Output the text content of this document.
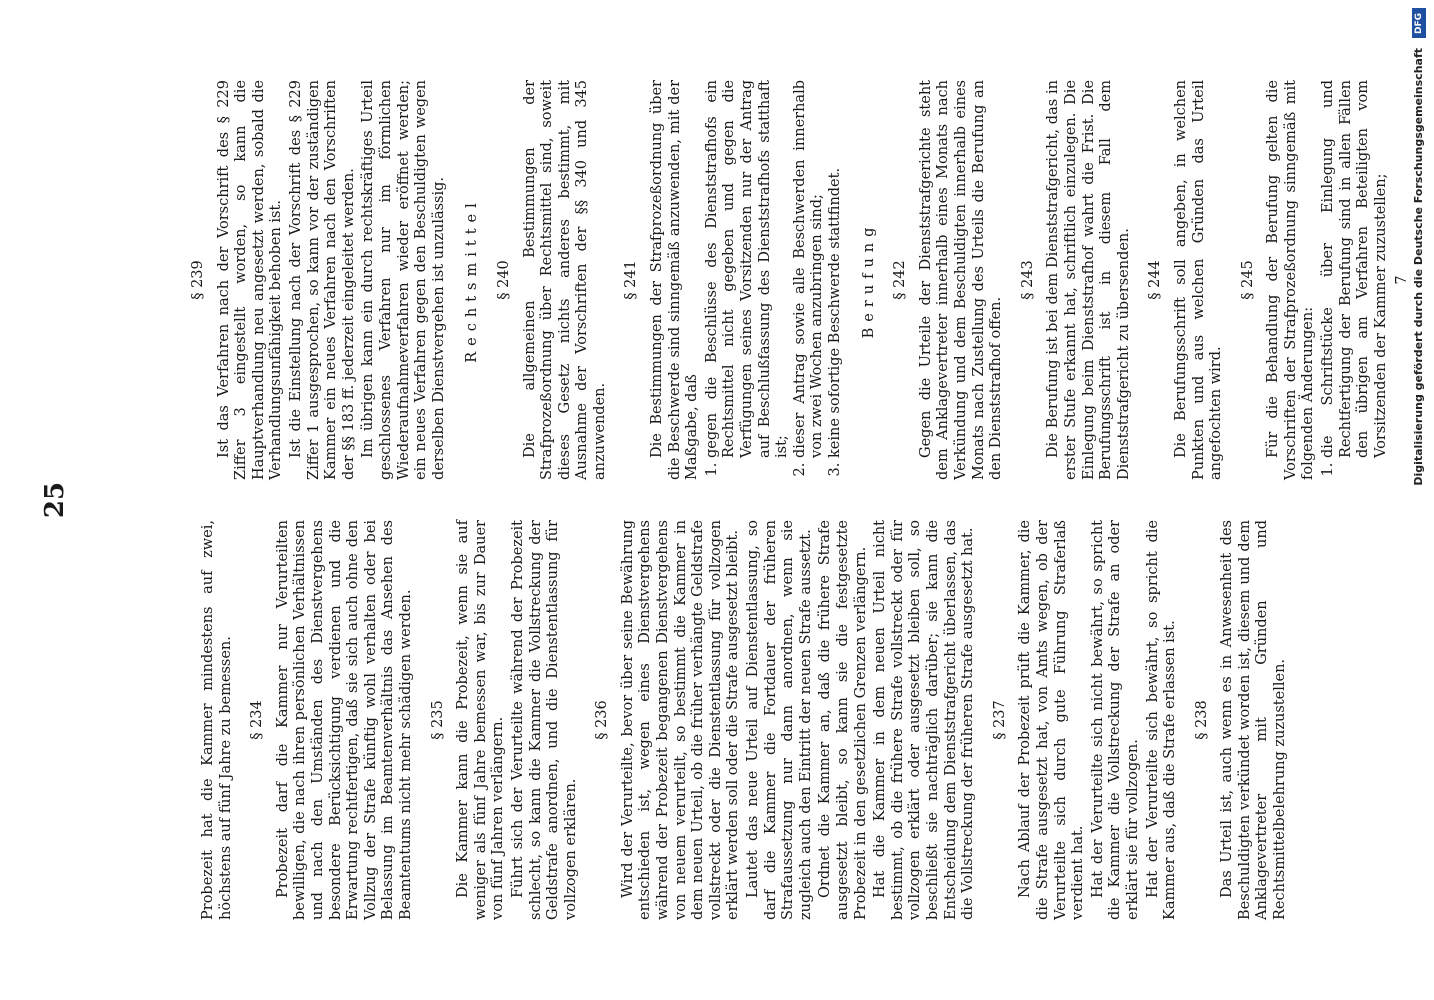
25

Probezeit hat die Kammer mindestens auf zwei, höchstens auf fünf Jahre zu bemessen. § 234 Probezeit darf die Kammer nur Verurteilten bewilligen, die nach ihren persönlichen Verhältnissen und nach den Umständen des Dienstvergehens besondere Berücksichtigung verdienen und die Erwartung rechtfertigen, daß sie sich auch ohne den Vollzug der Strafe künftig wohl verhalten oder bei Belassung im Beamtenverhältnis das Ansehen des Beamtentums nicht mehr schädigen werden. § 235 Die Kammer kann die Probezeit, wenn sie auf weniger als fünf Jahre bemessen war, bis zur Dauer von fünf Jahren verlängern. Führt sich der Verurteilte während der Probezeit schlecht, so kann die Kammer die Vollstreckung der Geldstrafe anordnen, und die Dienstentlassung für vollzogen erklären.

§ 236 Wird der Verurteilte, bevor über seine Bewährung entschieden ist, wegen eines Dienstvergehens während der Probezeit begangenen Dienstvergehens von neuem verurteilt, so bestimmt die Kammer in dem neuen Urteil, ob die früher verhängte Geldstrafe vollstreckt oder die Dienstentlassung für vollzogen erklärt werden soll oder die Strafe ausgesetzt bleibt. Lautet das neue Urteil auf Dienstentlassung, so darf die Kammer die Fortdauer der früheren Strafaussetzung nur dann anordnen, wenn sie zugleich auch den Eintritt der neuen Strafe aussetzt. Ordnet die Kammer an, daß die frühere Strafe ausgesetzt bleibt, so kann sie die festgesetzte Probezeit in den gesetzlichen Grenzen verlängern. Hat die Kammer in dem neuen Urteil nicht bestimmt, ob die frühere Strafe vollstreckt oder für vollzogen erklärt oder ausgesetzt bleiben soll, so beschließt sie nachträglich darüber; sie kann die Entscheidung dem Dienststrafgericht überlassen, das die Vollstreckung der früheren Strafe ausgesetzt hat. § 237 Nach Ablauf der Probezeit prüft die Kammer, die die Strafe ausgesetzt hat, von Amts wegen, ob der Verurteilte sich durch gute Führung Straferlaß verdient hat. Hat der Verurteilte sich nicht bewährt, so spricht die Kammer die Vollstreckung der Strafe an oder erklärt sie für vollzogen. Hat der Verurteilte sich bewährt, so spricht die Kammer aus, daß die Strafe erlassen ist. § 238 Das Urteil ist, auch wenn es in Anwesenheit des Beschuldigten verkündet worden ist, diesem und dem Anklagevertreter mit Gründen und Rechtsmittelbelehrung zuzustellen.

§ 239 Ist das Verfahren nach der Vorschrift des § 229 Ziffer 3 eingestellt worden, so kann die Hauptverhandlung neu angesetzt werden, sobald die Verhandlungsunfähigkeit behoben ist. Ist die Einstellung nach der Vorschrift des § 229 Ziffer 1 ausgesprochen, so kann vor der zuständigen Kammer ein neues Verfahren nach den Vorschriften der §§ 183 ff. jederzeit eingeleitet werden. Im übrigen kann ein durch rechtskräftiges Urteil geschlossenes Verfahren nur im förmlichen Wiederaufnahmeverfahren wieder eröffnet werden; ein neues Verfahren gegen den Beschuldigten wegen derselben Dienstvergehen ist unzulässig. Rechtsmittel § 240 Die allgemeinen Bestimmungen der Strafprozeßordnung über Rechtsmittel sind, soweit dieses Gesetz nichts anderes bestimmt, mit Ausnahme der Vorschriften der §§ 340 und 345 anzuwenden.

§ 241 Die Bestimmungen der Strafprozeßordnung über die Beschwerde sind sinngemäß anzuwenden, mit der Maßgabe, daß 1. gegen die Beschlüsse des Dienststrafhofs ein Rechtsmittel nicht gegeben und gegen die Verfügungen seines Vorsitzenden nur der Antrag auf Beschlußfassung des Dienststrafhofs statthaft ist; 2. dieser Antrag sowie alle Beschwerden innerhalb von zwei Wochen anzubringen sind; 3. keine sofortige Beschwerde stattfindet. Berufung § 242 Gegen die Urteile der Dienststrafgerichte steht dem Anklagevertreter innerhalb eines Monats nach Verkündung und dem Beschuldigten innerhalb eines Monats nach Zustellung des Urteils die Berufung an den Dienststrafhof offen.

§ 243 Die Berufung ist bei dem Dienststrafgericht, das in erster Stufe erkannt hat, schriftlich einzulegen. Die Einlegung beim Dienststrafhof wahrt die Frist. Die Berufungsschrift ist in diesem Fall dem Dienststrafgericht zu übersenden. § 244 Die Berufungsschrift soll angeben, in welchen Punkten und aus welchen Gründen das Urteil angefochten wird.

§ 245 Für die Behandlung der Berufung gelten die Vorschriften der Strafprozeßordnung sinngemäß mit folgenden Änderungen: 1. die Schriftstücke über Einlegung und Rechtfertigung der Berufung sind in allen Fällen den übrigen am Verfahren Beteiligten vom Vorsitzenden der Kammer zuzustellen; 7
DFG
Digitalisierung gefördert durch die Deutsche Forschungsgemeinschaft
